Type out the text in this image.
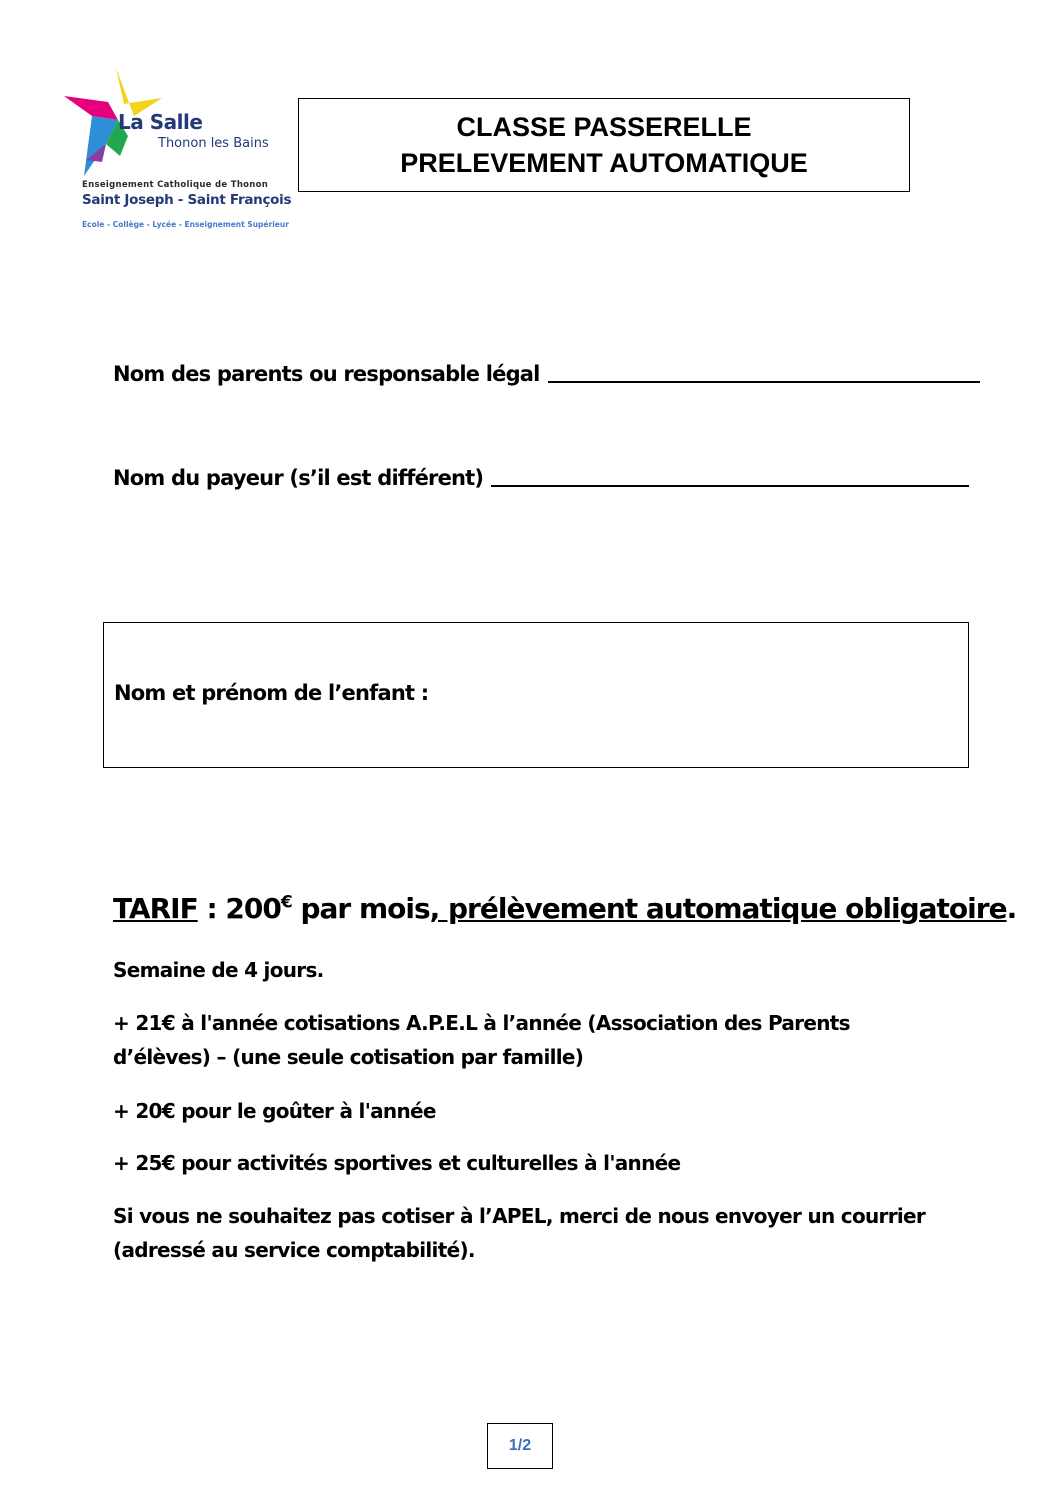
La Salle
Thonon les Bains
Enseignement Catholique de Thonon
Saint Joseph - Saint François
Ecole - Collège - Lycée - Enseignement Supérieur
CLASSE PASSERELLE
PRELEVEMENT AUTOMATIQUE
Nom des parents ou responsable légal
Nom du payeur (s’il est différent)
Nom et prénom de l’enfant :
TARIF : 200€ par mois, prélèvement automatique obligatoire.
Semaine de 4 jours.
+ 21€ à l'année cotisations A.P.E.L à l’année (Association des Parents d’élèves) – (une seule cotisation par famille)
+ 20€ pour le goûter à l'année
+ 25€ pour activités sportives et culturelles à l'année
Si vous ne souhaitez pas cotiser à l’APEL, merci de nous envoyer un courrier (adressé au service comptabilité).
1/2
